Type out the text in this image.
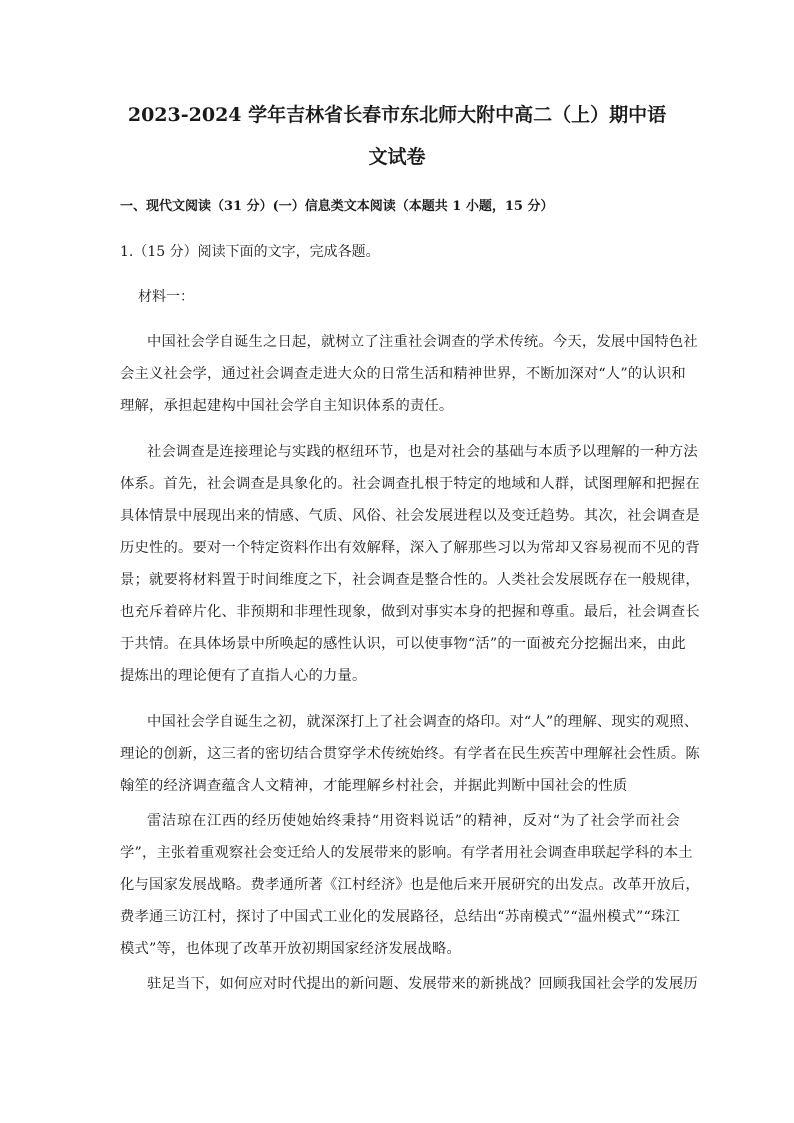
2023-2024 学年吉林省长春市东北师大附中高二（上）期中语
文试卷

一、现代文阅读（31 分）(一）信息类文本阅读（本题共 1 小题，15 分）

1.（15 分）阅读下面的文字，完成各题。

材料一：

中国社会学自诞生之日起，就树立了注重社会调查的学术传统。今天，发展中国特色社
会主义社会学，通过社会调查走进大众的日常生活和精神世界，不断加深对“人”的认识和
理解，承担起建构中国社会学自主知识体系的责任。
社会调查是连接理论与实践的枢纽环节，也是对社会的基础与本质予以理解的一种方法
体系。首先，社会调查是具象化的。社会调查扎根于特定的地域和人群，试图理解和把握在
具体情景中展现出来的情感、气质、风俗、社会发展进程以及变迁趋势。其次，社会调查是
历史性的。要对一个特定资料作出有效解释，深入了解那些习以为常却又容易视而不见的背
景；就要将材料置于时间维度之下，社会调查是整合性的。人类社会发展既存在一般规律，
也充斥着碎片化、非预期和非理性现象，做到对事实本身的把握和尊重。最后，社会调查长
于共情。在具体场景中所唤起的感性认识，可以使事物“活”的一面被充分挖掘出来，由此
提炼出的理论便有了直指人心的力量。
中国社会学自诞生之初，就深深打上了社会调查的烙印。对“人”的理解、现实的观照、
理论的创新，这三者的密切结合贯穿学术传统始终。有学者在民生疾苦中理解社会性质。陈
翰笙的经济调查蕴含人文精神，才能理解乡村社会，并据此判断中国社会的性质
雷洁琼在江西的经历使她始终秉持“用资料说话”的精神，反对“为了社会学而社会
学”，主张着重观察社会变迁给人的发展带来的影响。有学者用社会调查串联起学科的本土
化与国家发展战略。费孝通所著《江村经济》也是他后来开展研究的出发点。改革开放后，
费孝通三访江村，探讨了中国式工业化的发展路径，总结出“苏南模式”“温州模式”“珠江
模式”等，也体现了改革开放初期国家经济发展战略。
驻足当下，如何应对时代提出的新问题、发展带来的新挑战？回顾我国社会学的发展历
